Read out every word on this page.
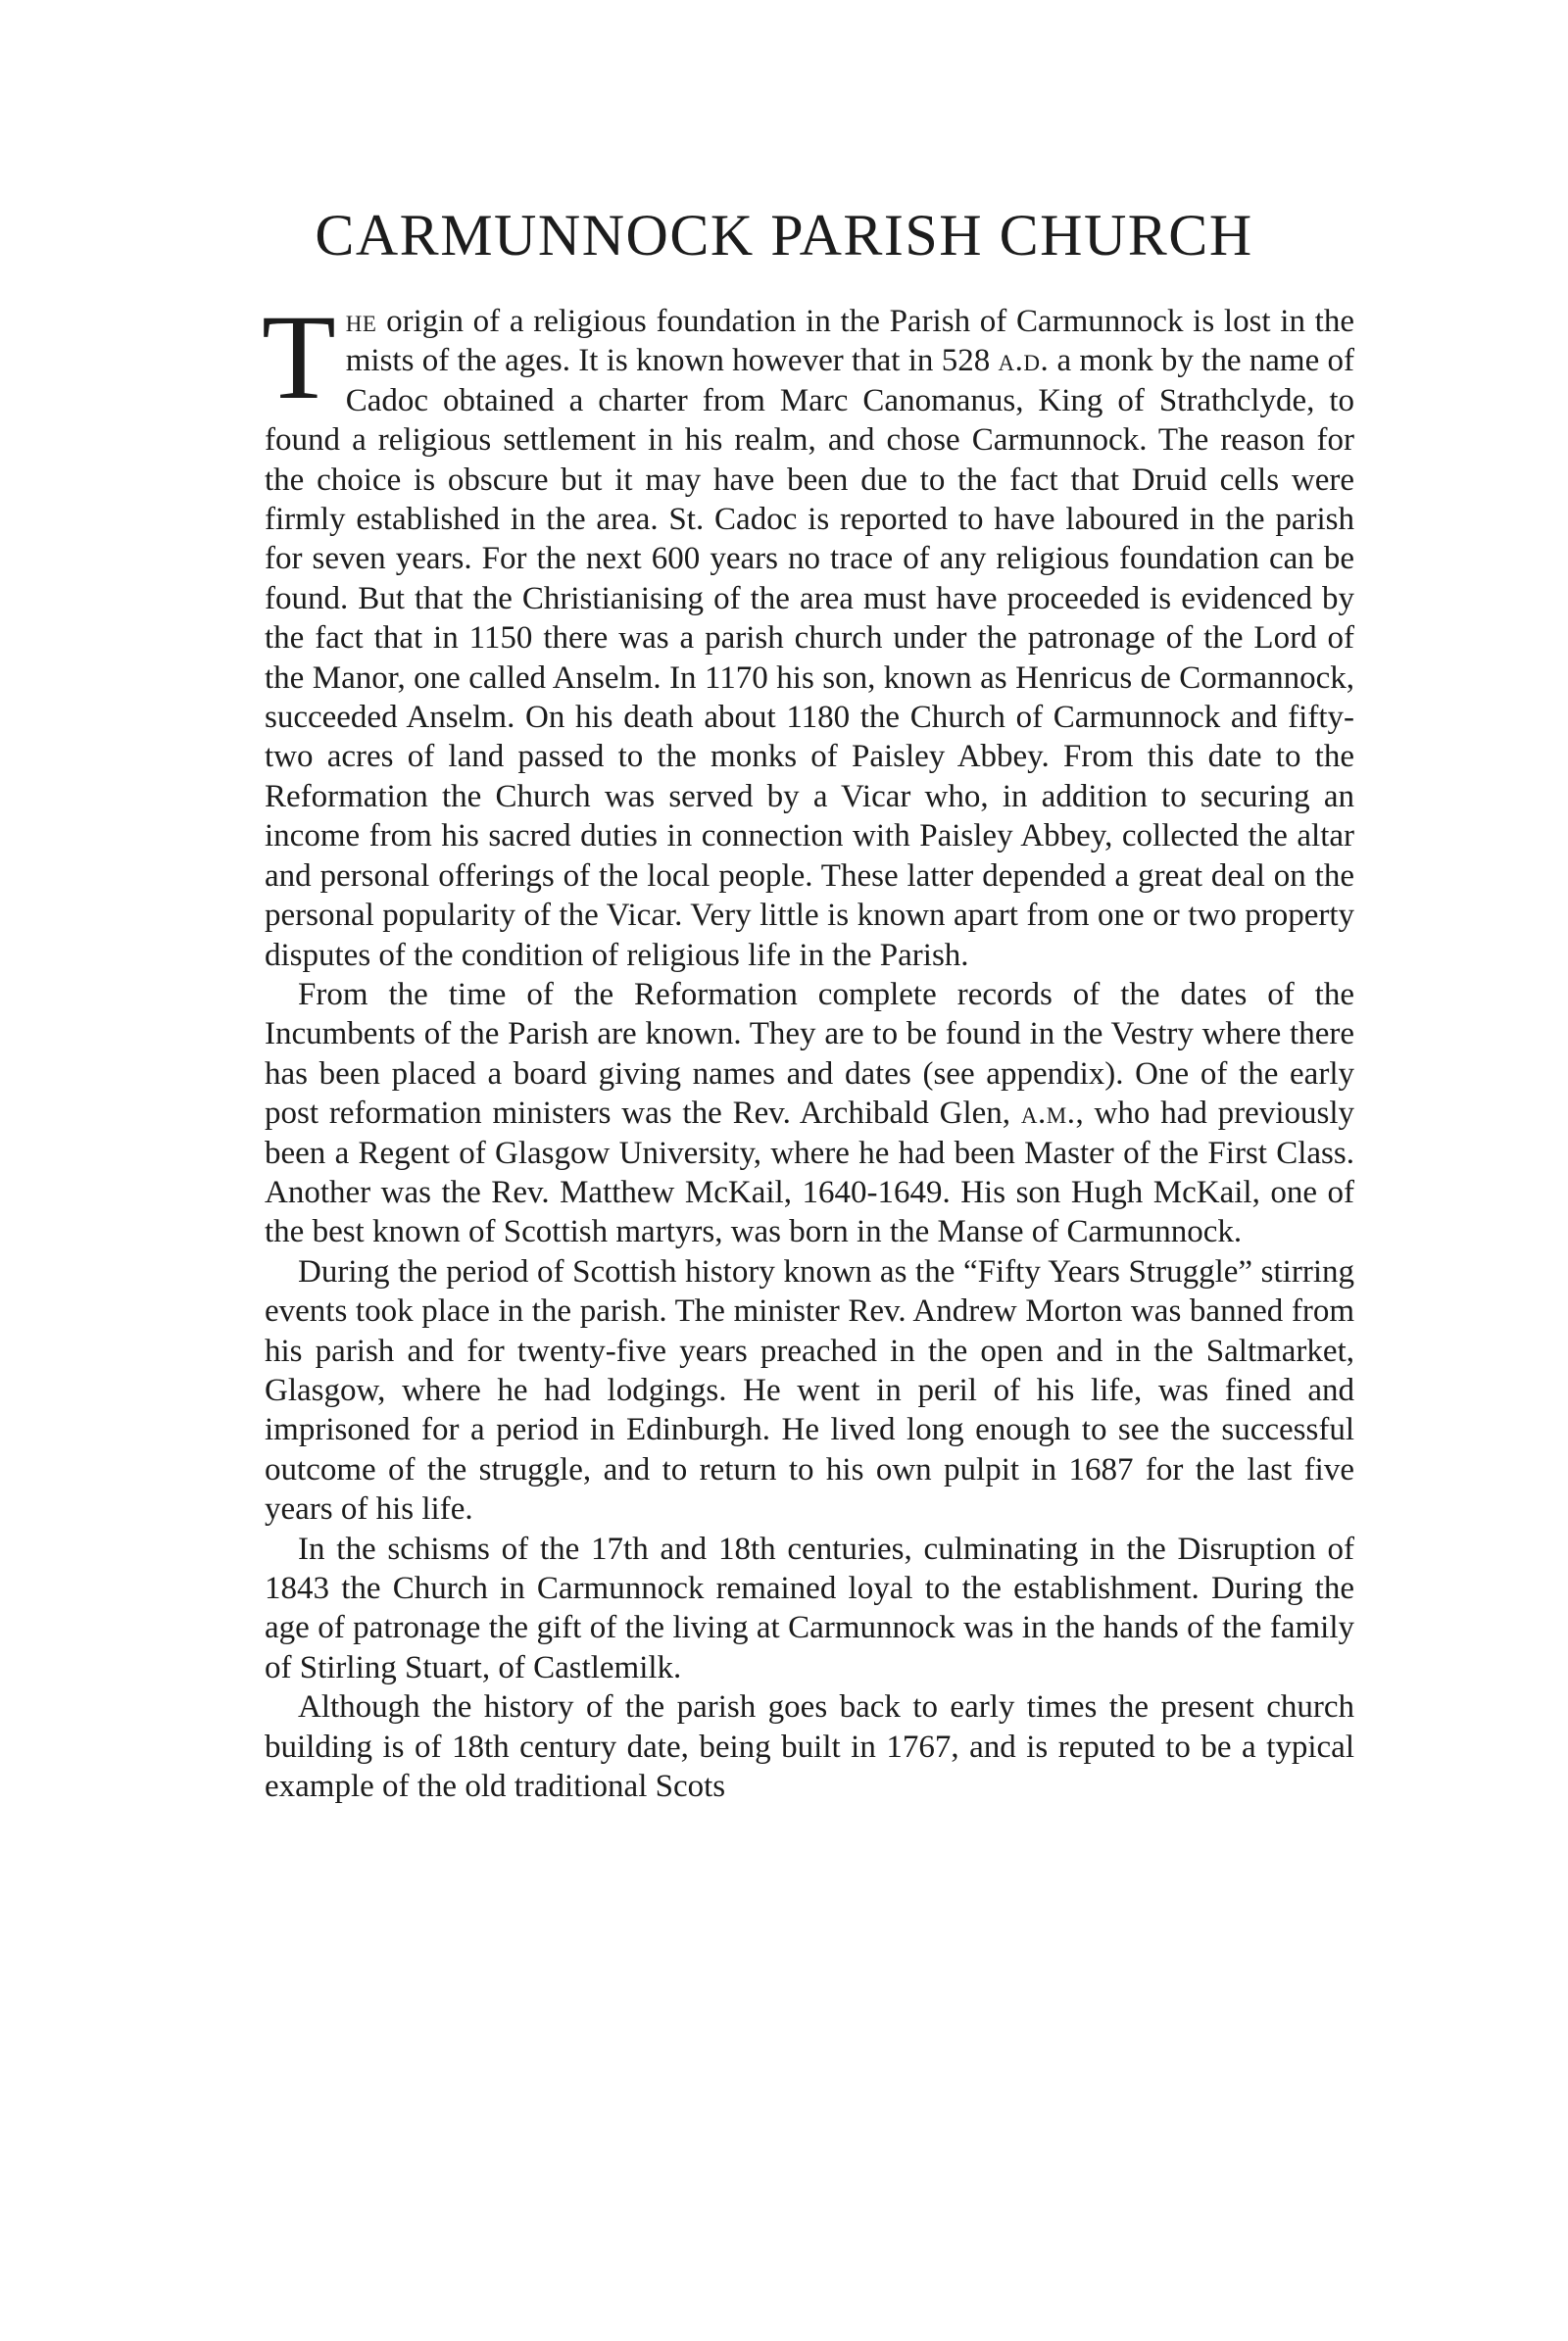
CARMUNNOCK PARISH CHURCH

The origin of a religious foundation in the Parish of Carmunnock is lost in the mists of the ages. It is known however that in 528 a.d. a monk by the name of Cadoc obtained a charter from Marc Canomanus, King of Strathclyde, to found a religious settlement in his realm, and chose Carmunnock. The reason for the choice is obscure but it may have been due to the fact that Druid cells were firmly established in the area. St. Cadoc is reported to have laboured in the parish for seven years. For the next 600 years no trace of any religious foundation can be found. But that the Christianising of the area must have proceeded is evidenced by the fact that in 1150 there was a parish church under the patronage of the Lord of the Manor, one called Anselm. In 1170 his son, known as Henricus de Cormannock, succeeded Anselm. On his death about 1180 the Church of Carmunnock and fifty-two acres of land passed to the monks of Paisley Abbey. From this date to the Reformation the Church was served by a Vicar who, in addition to securing an income from his sacred duties in connection with Paisley Abbey, collected the altar and personal offerings of the local people. These latter depended a great deal on the personal popularity of the Vicar. Very little is known apart from one or two property disputes of the condition of religious life in the Parish.

From the time of the Reformation complete records of the dates of the Incumbents of the Parish are known. They are to be found in the Vestry where there has been placed a board giving names and dates (see appendix). One of the early post reformation ministers was the Rev. Archibald Glen, a.m., who had previously been a Regent of Glasgow University, where he had been Master of the First Class. Another was the Rev. Matthew McKail, 1640-1649. His son Hugh McKail, one of the best known of Scottish martyrs, was born in the Manse of Carmunnock.

During the period of Scottish history known as the “Fifty Years Struggle” stirring events took place in the parish. The minister Rev. Andrew Morton was banned from his parish and for twenty-five years preached in the open and in the Saltmarket, Glasgow, where he had lodgings. He went in peril of his life, was fined and imprisoned for a period in Edinburgh. He lived long enough to see the successful outcome of the struggle, and to return to his own pulpit in 1687 for the last five years of his life.

In the schisms of the 17th and 18th centuries, culminating in the Disruption of 1843 the Church in Carmunnock remained loyal to the establishment. During the age of patronage the gift of the living at Carmunnock was in the hands of the family of Stirling Stuart, of Castlemilk.

Although the history of the parish goes back to early times the present church building is of 18th century date, being built in 1767, and is reputed to be a typical example of the old traditional Scots
